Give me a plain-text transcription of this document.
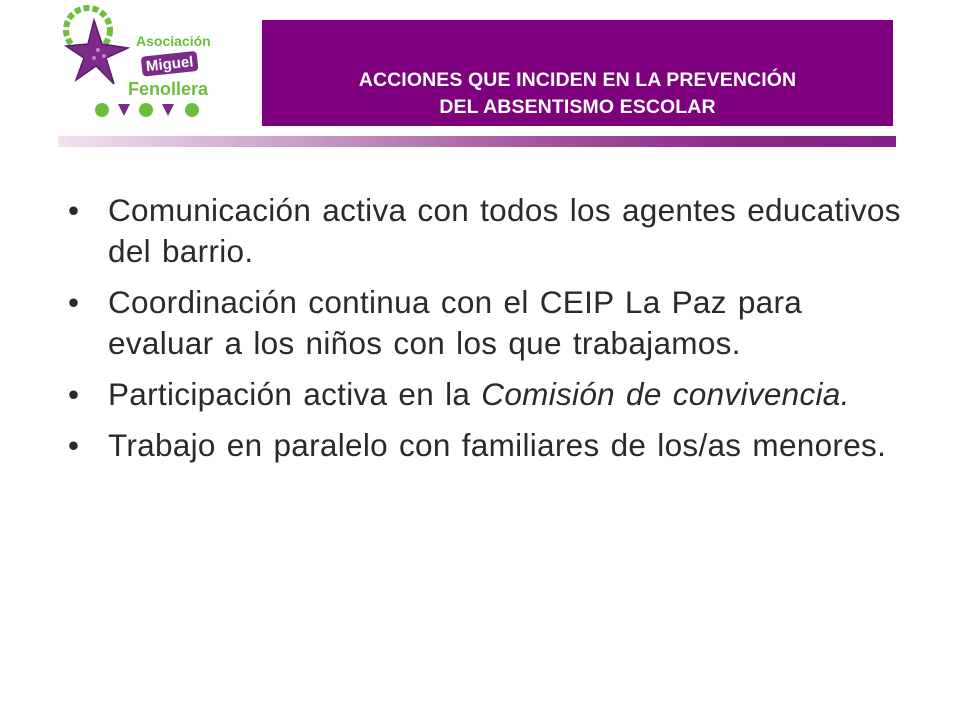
Asociación
Miguel
Fenollera	ACCIONES QUE INCIDEN EN LA PREVENCIÓN
DEL ABSENTISMO ESCOLAR
• Comunicación activa con todos los agentes educativos del barrio.
• Coordinación continua con el CEIP La Paz para evaluar a los niños con los que trabajamos.
• Participación activa en la Comisión de convivencia.
• Trabajo en paralelo con familiares de los/as menores.
